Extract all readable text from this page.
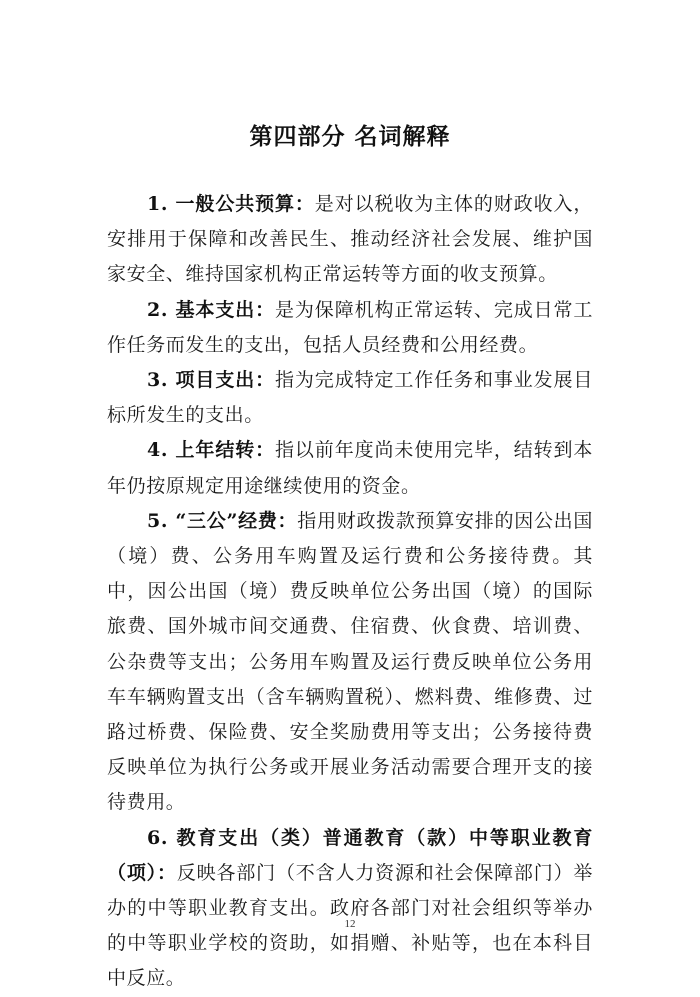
第四部分 名词解释

1. 一般公共预算：是对以税收为主体的财政收入，安排用于保障和改善民生、推动经济社会发展、维护国家安全、维持国家机构正常运转等方面的收支预算。

2. 基本支出：是为保障机构正常运转、完成日常工作任务而发生的支出，包括人员经费和公用经费。

3. 项目支出：指为完成特定工作任务和事业发展目标所发生的支出。

4. 上年结转：指以前年度尚未使用完毕，结转到本年仍按原规定用途继续使用的资金。

5. “三公”经费：指用财政拨款预算安排的因公出国（境）费、公务用车购置及运行费和公务接待费。其中，因公出国（境）费反映单位公务出国（境）的国际旅费、国外城市间交通费、住宿费、伙食费、培训费、公杂费等支出；公务用车购置及运行费反映单位公务用车车辆购置支出（含车辆购置税）、燃料费、维修费、过路过桥费、保险费、安全奖励费用等支出；公务接待费反映单位为执行公务或开展业务活动需要合理开支的接待费用。

6. 教育支出（类）普通教育（款）中等职业教育（项）：反映各部门（不含人力资源和社会保障部门）举办的中等职业教育支出。政府各部门对社会组织等举办的中等职业学校的资助，如捐赠、补贴等，也在本科目中反应。

12
